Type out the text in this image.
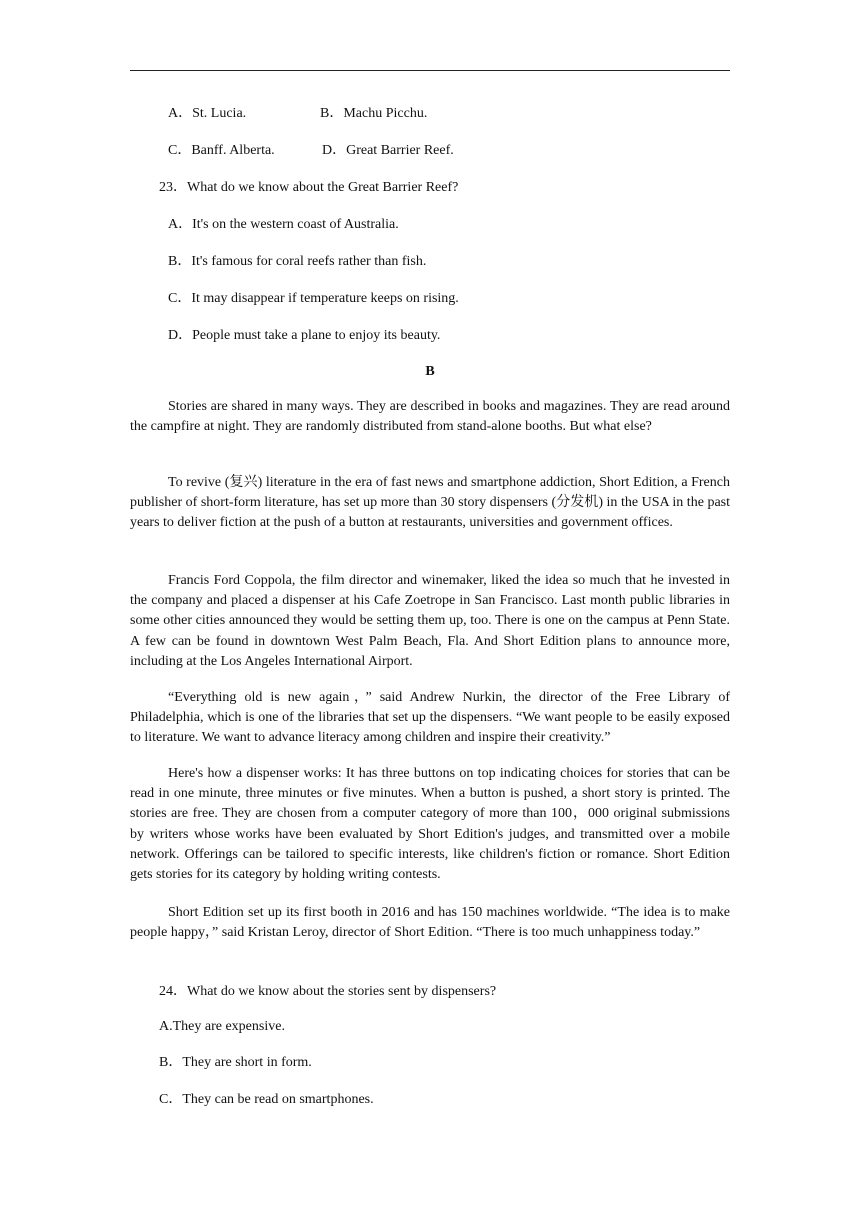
A．St. Lucia.	B．Machu Picchu.
C．Banff. Alberta.	D．Great Barrier Reef.
23．What do we know about the Great Barrier Reef?
A．It's on the western coast of Australia.
B．It's famous for coral reefs rather than fish.
C．It may disappear if temperature keeps on rising.
D．People must take a plane to enjoy its beauty.
B

Stories are shared in many ways. They are described in books and magazines. They are read around the campfire at night. They are randomly distributed from stand-alone booths. But what else?

To revive (复兴) literature in the era of fast news and smartphone addiction, Short Edition, a French publisher of short-form literature, has set up more than 30 story dispensers (分发机) in the USA in the past years to deliver fiction at the push of a button at restaurants, universities and government offices.

Francis Ford Coppola, the film director and winemaker, liked the idea so much that he invested in the company and placed a dispenser at his Cafe Zoetrope in San Francisco. Last month public libraries in some other cities announced they would be setting them up, too. There is one on the campus at Penn State. A few can be found in downtown West Palm Beach, Fla. And Short Edition plans to announce more, including at the Los Angeles International Airport.

“Everything old is new again，” said Andrew Nurkin, the director of the Free Library of Philadelphia, which is one of the libraries that set up the dispensers. “We want people to be easily exposed to literature. We want to advance literacy among children and inspire their creativity.”

Here's how a dispenser works: It has three buttons on top indicating choices for stories that can be read in one minute, three minutes or five minutes. When a button is pushed, a short story is printed. The stories are free. They are chosen from a computer category of more than 100，000 original submissions by writers whose works have been evaluated by Short Edition's judges, and transmitted over a mobile network. Offerings can be tailored to specific interests, like children's fiction or romance. Short Edition gets stories for its category by holding writing contests.

Short Edition set up its first booth in 2016 and has 150 machines worldwide. “The idea is to make people happy，” said Kristan Leroy, director of Short Edition. “There is too much unhappiness today.”

24．What do we know about the stories sent by dispensers?
A.They are expensive.
B．They are short in form.
C．They can be read on smartphones.
